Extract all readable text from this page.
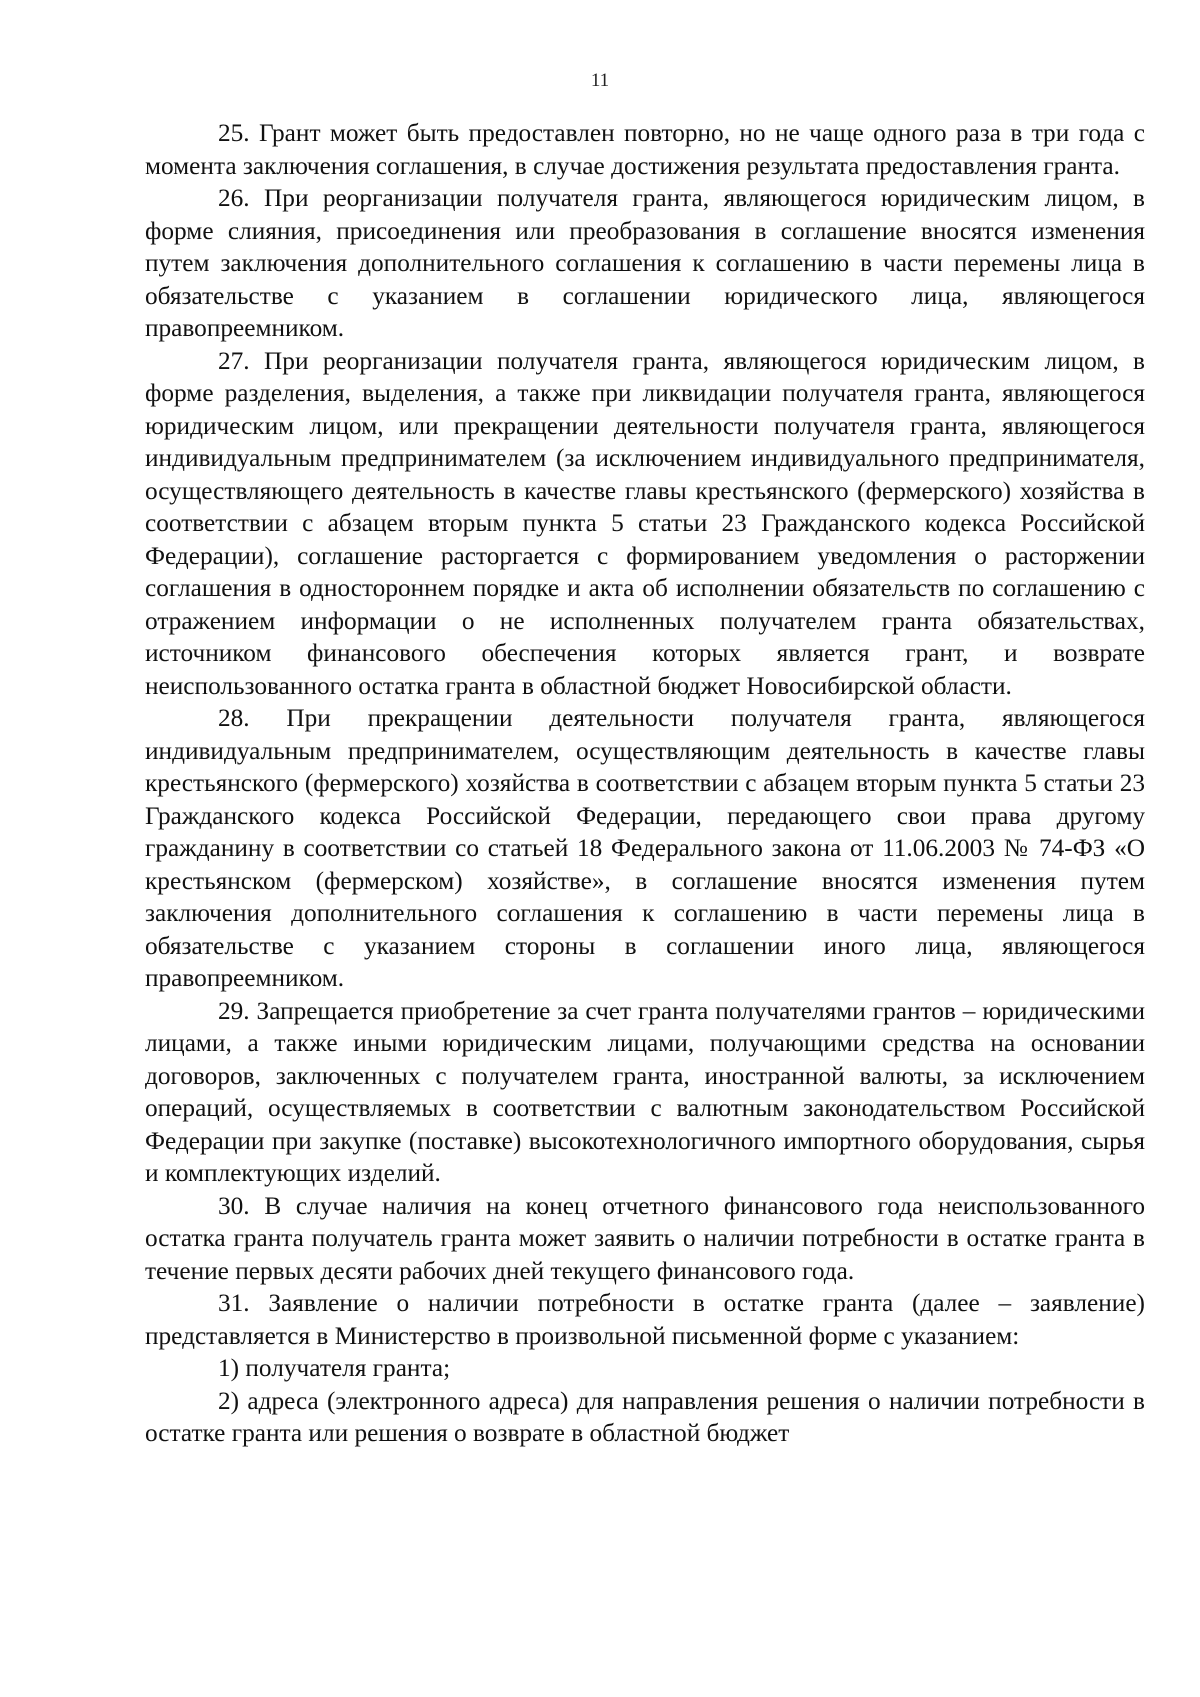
11

25. Грант может быть предоставлен повторно, но не чаще одного раза в три года с момента заключения соглашения, в случае достижения результата предоставления гранта.

26. При реорганизации получателя гранта, являющегося юридическим лицом, в форме слияния, присоединения или преобразования в соглашение вносятся изменения путем заключения дополнительного соглашения к соглашению в части перемены лица в обязательстве с указанием в соглашении юридического лица, являющегося правопреемником.

27. При реорганизации получателя гранта, являющегося юридическим лицом, в форме разделения, выделения, а также при ликвидации получателя гранта, являющегося юридическим лицом, или прекращении деятельности получателя гранта, являющегося индивидуальным предпринимателем (за исключением индивидуального предпринимателя, осуществляющего деятельность в качестве главы крестьянского (фермерского) хозяйства в соответствии с абзацем вторым пункта 5 статьи 23 Гражданского кодекса Российской Федерации), соглашение расторгается с формированием уведомления о расторжении соглашения в одностороннем порядке и акта об исполнении обязательств по соглашению с отражением информации о не исполненных получателем гранта обязательствах, источником финансового обеспечения которых является грант, и возврате неиспользованного остатка гранта в областной бюджет Новосибирской области.

28. При прекращении деятельности получателя гранта, являющегося индивидуальным предпринимателем, осуществляющим деятельность в качестве главы крестьянского (фермерского) хозяйства в соответствии с абзацем вторым пункта 5 статьи 23 Гражданского кодекса Российской Федерации, передающего свои права другому гражданину в соответствии со статьей 18 Федерального закона от 11.06.2003 № 74-ФЗ «О крестьянском (фермерском) хозяйстве», в соглашение вносятся изменения путем заключения дополнительного соглашения к соглашению в части перемены лица в обязательстве с указанием стороны в соглашении иного лица, являющегося правопреемником.

29. Запрещается приобретение за счет гранта получателями грантов – юридическими лицами, а также иными юридическим лицами, получающими средства на основании договоров, заключенных с получателем гранта, иностранной валюты, за исключением операций, осуществляемых в соответствии с валютным законодательством Российской Федерации при закупке (поставке) высокотехнологичного импортного оборудования, сырья и комплектующих изделий.

30. В случае наличия на конец отчетного финансового года неиспользованного остатка гранта получатель гранта может заявить о наличии потребности в остатке гранта в течение первых десяти рабочих дней текущего финансового года.

31. Заявление о наличии потребности в остатке гранта (далее – заявление) представляется в Министерство в произвольной письменной форме с указанием:

1) получателя гранта;

2) адреса (электронного адреса) для направления решения о наличии потребности в остатке гранта или решения о возврате в областной бюджет
